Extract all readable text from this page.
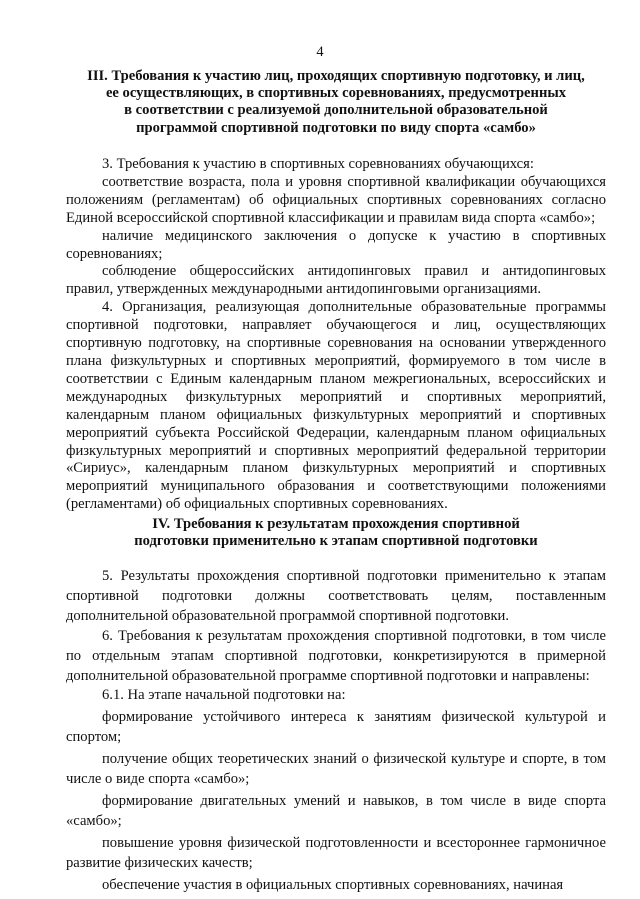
4
III. Требования к участию лиц, проходящих спортивную подготовку, и лиц,
ее осуществляющих, в спортивных соревнованиях, предусмотренных
в соответствии с реализуемой дополнительной образовательной
программой спортивной подготовки по виду спорта «самбо»

3. Требования к участию в спортивных соревнованиях обучающихся:

соответствие возраста, пола и уровня спортивной квалификации обучающихся положениям (регламентам) об официальных спортивных соревнованиях согласно Единой всероссийской спортивной классификации и правилам вида спорта «самбо»;

наличие медицинского заключения о допуске к участию в спортивных соревнованиях;

соблюдение общероссийских антидопинговых правил и антидопинговых правил, утвержденных международными антидопинговыми организациями.

4. Организация, реализующая дополнительные образовательные программы спортивной подготовки, направляет обучающегося и лиц, осуществляющих спортивную подготовку, на спортивные соревнования на основании утвержденного плана физкультурных и спортивных мероприятий, формируемого в том числе в соответствии с Единым календарным планом межрегиональных, всероссийских и международных физкультурных мероприятий и спортивных мероприятий, календарным планом официальных физкультурных мероприятий и спортивных мероприятий субъекта Российской Федерации, календарным планом официальных физкультурных мероприятий и спортивных мероприятий федеральной территории «Сириус», календарным планом физкультурных мероприятий и спортивных мероприятий муниципального образования и соответствующими положениями (регламентами) об официальных спортивных соревнованиях.

IV. Требования к результатам прохождения спортивной
подготовки применительно к этапам спортивной подготовки

5. Результаты прохождения спортивной подготовки применительно к этапам спортивной подготовки должны соответствовать целям, поставленным дополнительной образовательной программой спортивной подготовки.

6. Требования к результатам прохождения спортивной подготовки, в том числе по отдельным этапам спортивной подготовки, конкретизируются в примерной дополнительной образовательной программе спортивной подготовки и направлены:

6.1. На этапе начальной подготовки на:

формирование устойчивого интереса к занятиям физической культурой и спортом;

получение общих теоретических знаний о физической культуре и спорте, в том числе о виде спорта «самбо»;

формирование двигательных умений и навыков, в том числе в виде спорта «самбо»;

повышение уровня физической подготовленности и всестороннее гармоничное развитие физических качеств;

обеспечение участия в официальных спортивных соревнованиях, начиная
